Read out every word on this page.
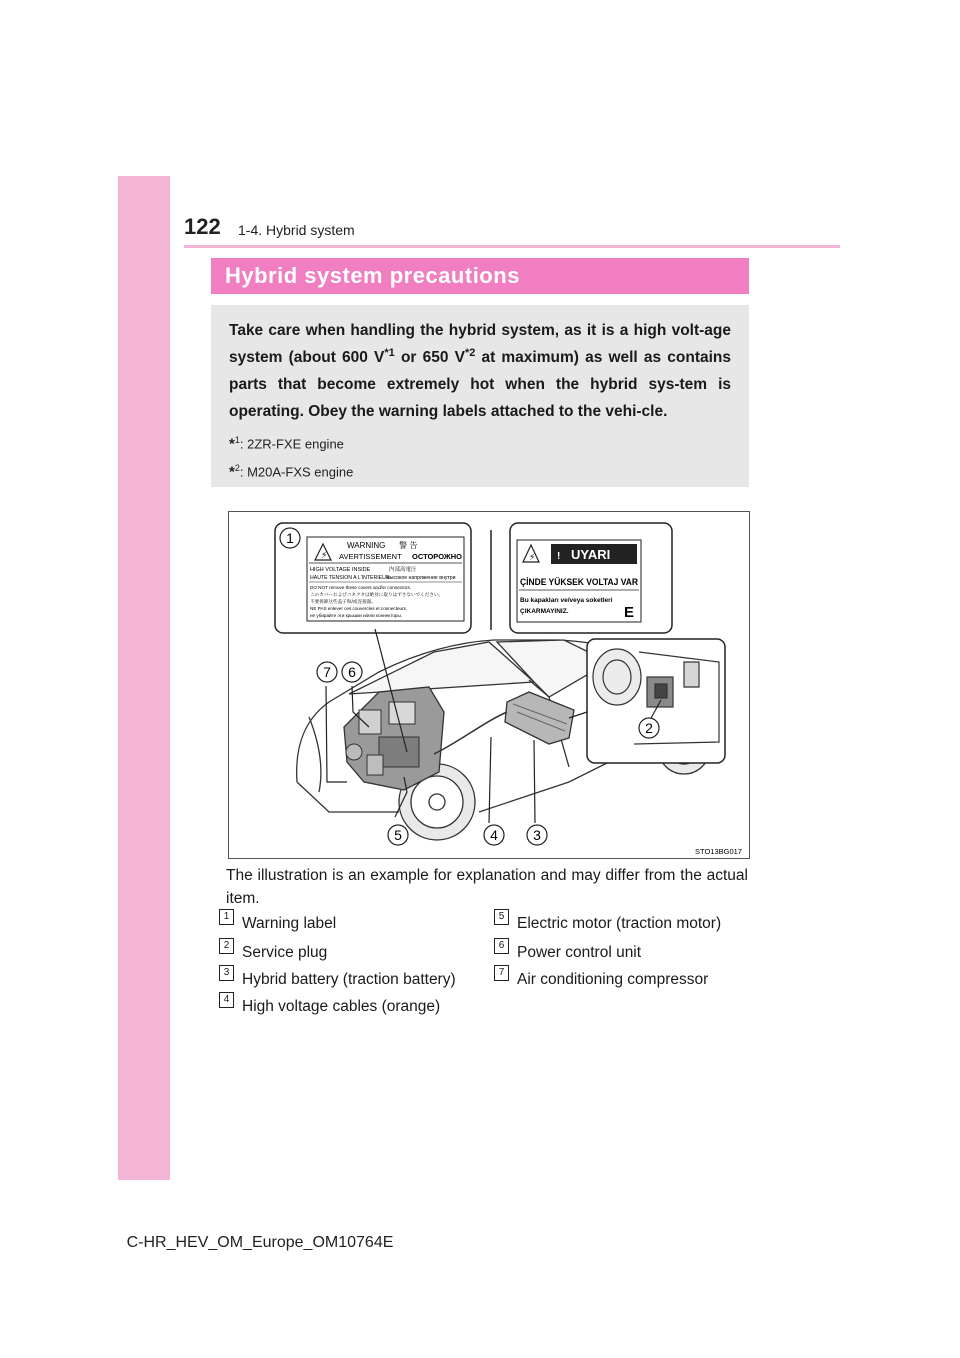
122 1-4. Hybrid system
Hybrid system precautions
Take care when handling the hybrid system, as it is a high volt-age system (about 600 $V^{*1}$ or 650 $V^{*2}$ at maximum) as well as contains parts that become extremely hot when the hybrid sys-tem is operating. Obey the warning labels attached to the vehi-cle.
*$^1$: 2ZR-FXE engine
*$^2$: M20A-FXS engine
⚡
WARNING 警 告
AVERTISSEMENT ОСТОРОЖНО
HIGH VOLTAGE INSIDE	内部高電圧
HAUTE TENSION A L'INTERIEUR
высокое напряжение внутри
DO NOT remove these covers and/or connectors.
このカバーおよびコネクタは絶対に取りはずさないでください。
不要拆卸这些盖子和/或连接器。
NE PAS enlever ces couvercles et connecteurs.
не убирайте эти крышки и/или коннекторы.
⚡	UYARI
!
ÇİNDE YÜKSEK VOLTAJ VAR
Bu kapakları ve/veya soketleri
ÇIKARMAYINIZ.	E
1
2
3
4
5
6
7
STO13BG017
The illustration is an example for explanation and may differ from the actual item.
1 Warning label
2 Service plug
3 Hybrid battery (traction battery)
4 High voltage cables (orange)
5 Electric motor (traction motor)
6 Power control unit
7 Air conditioning compressor
C-HR_HEV_OM_Europe_OM10764E
